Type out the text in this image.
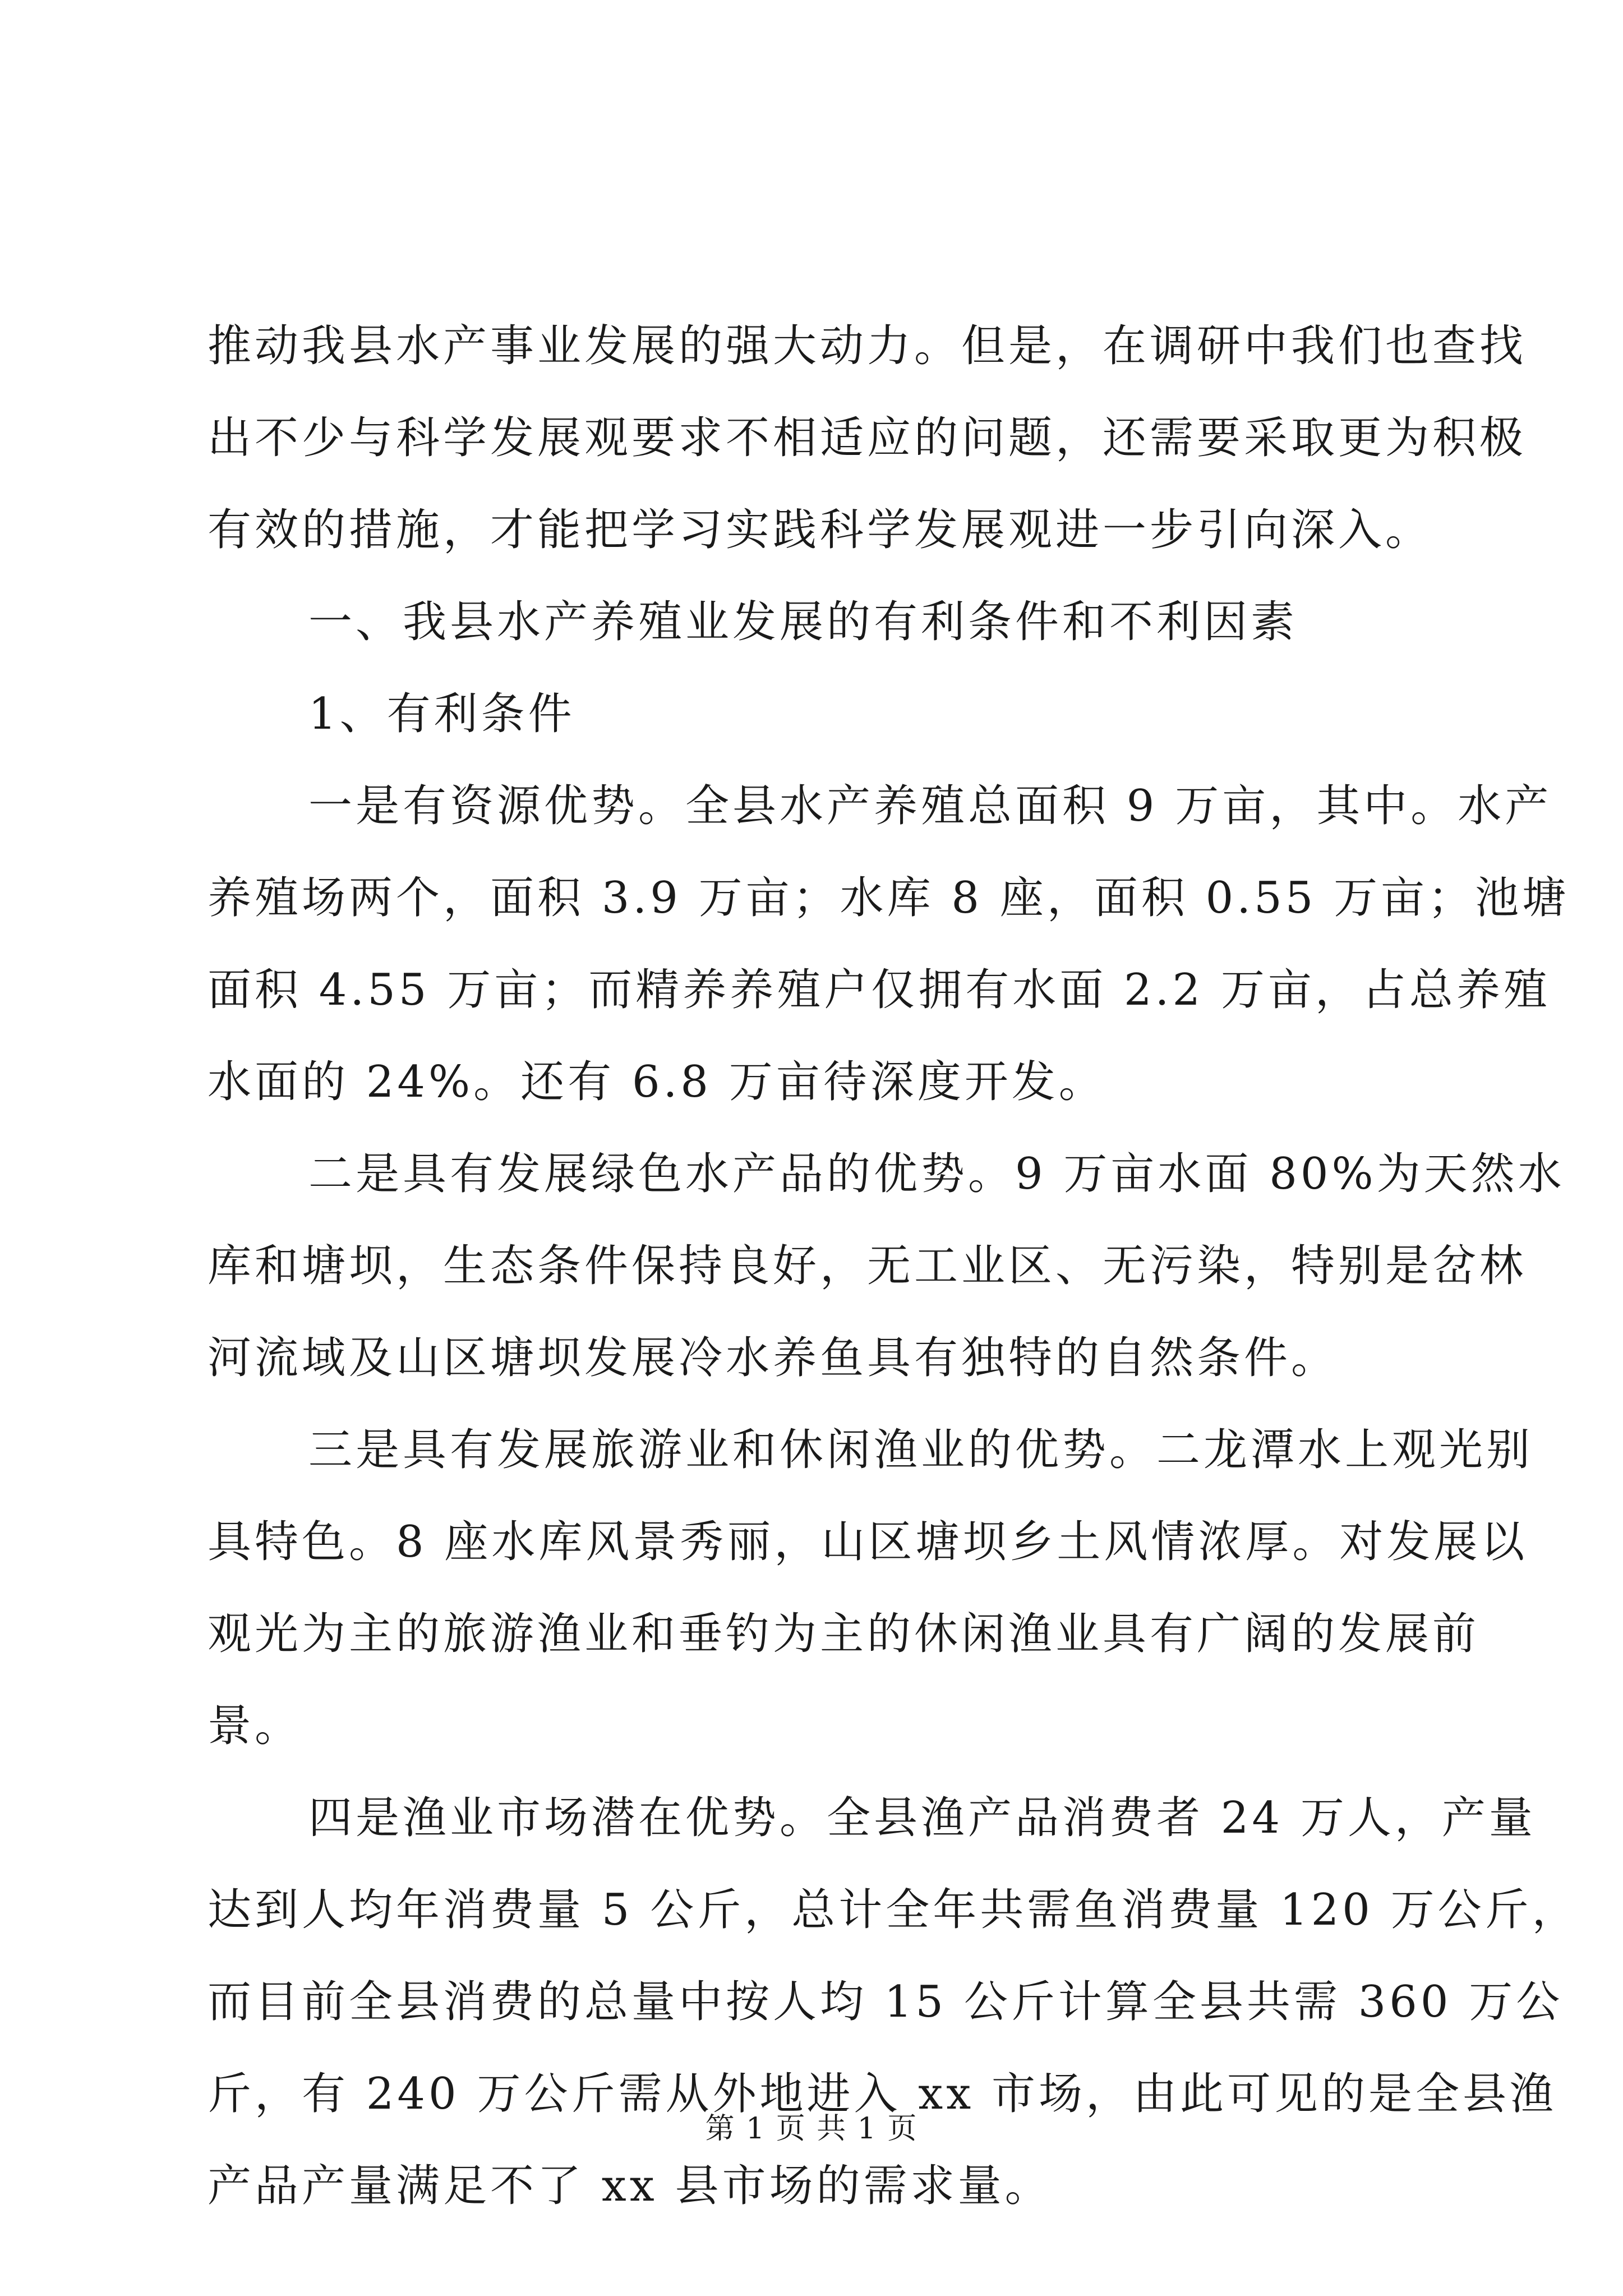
推动我县水产事业发展的强大动力。但是，在调研中我们也查找
出不少与科学发展观要求不相适应的问题，还需要采取更为积极
有效的措施，才能把学习实践科学发展观进一步引向深入。
一、我县水产养殖业发展的有利条件和不利因素
1、有利条件
一是有资源优势。全县水产养殖总面积 9 万亩，其中。水产
养殖场两个，面积 3.9 万亩；水库 8 座，面积 0.55 万亩；池塘
面积 4.55 万亩；而精养养殖户仅拥有水面 2.2 万亩，占总养殖
水面的 24%。还有 6.8 万亩待深度开发。
二是具有发展绿色水产品的优势。9 万亩水面 80%为天然水
库和塘坝，生态条件保持良好，无工业区、无污染，特别是岔林
河流域及山区塘坝发展冷水养鱼具有独特的自然条件。
三是具有发展旅游业和休闲渔业的优势。二龙潭水上观光别
具特色。8 座水库风景秀丽，山区塘坝乡土风情浓厚。对发展以
观光为主的旅游渔业和垂钓为主的休闲渔业具有广阔的发展前
景。
四是渔业市场潜在优势。全县渔产品消费者 24 万人，产量
达到人均年消费量 5 公斤，总计全年共需鱼消费量 120 万公斤，
而目前全县消费的总量中按人均 15 公斤计算全县共需 360 万公
斤，有 240 万公斤需从外地进入 xx 市场，由此可见的是全县渔
产品产量满足不了 xx 县市场的需求量。
第 1 页 共 1 页
